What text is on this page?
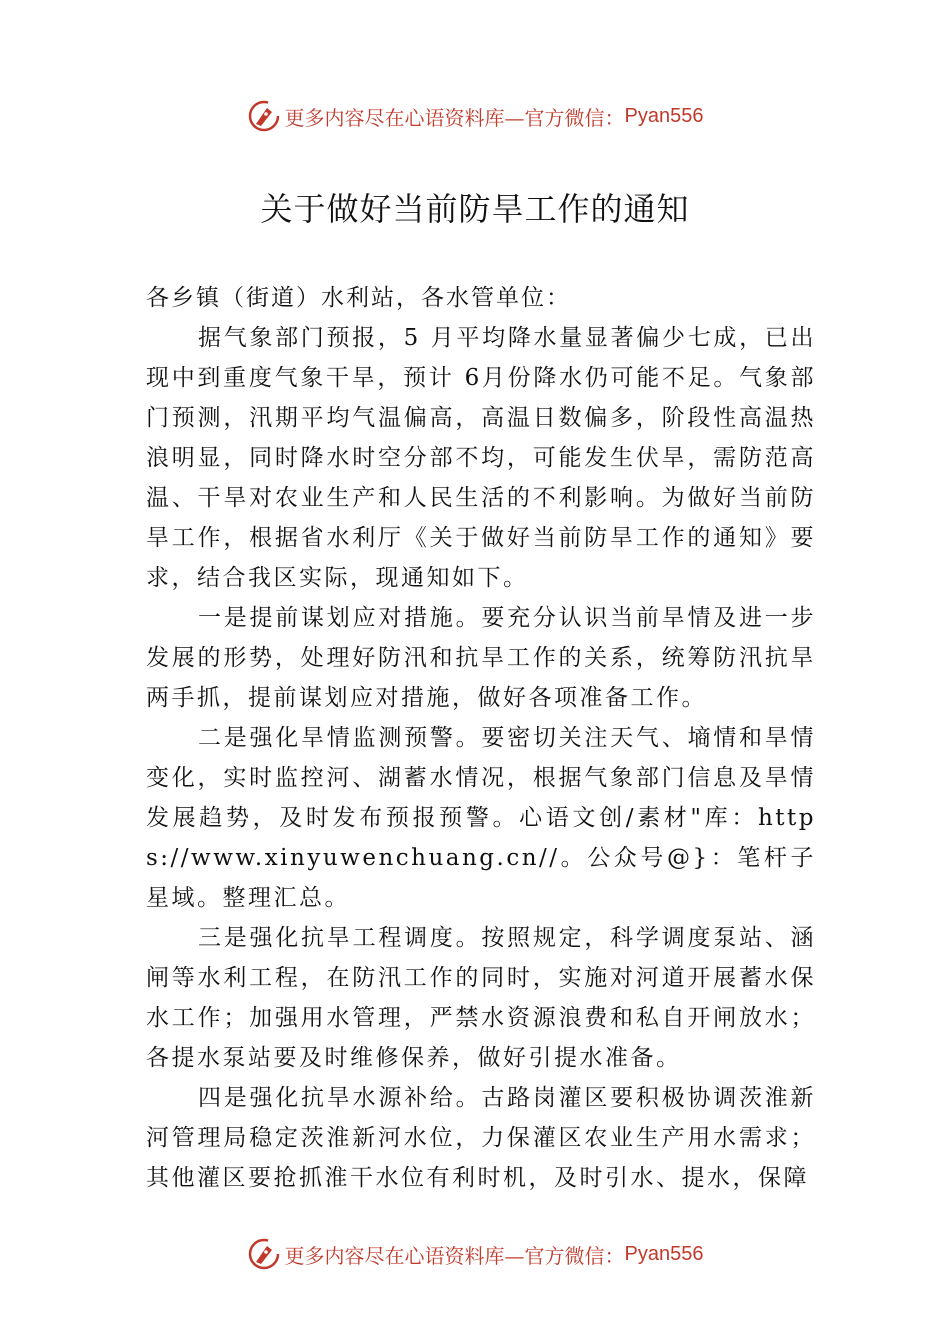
更多内容尽在心语资料库—官方微信： Pyan556
关于做好当前防旱工作的通知

各乡镇（街道）水利站，各水管单位：

据气象部门预报，5 月平均降水量显著偏少七成，已出现中到重度气象干旱，预计 6月份降水仍可能不足。气象部门预测，汛期平均气温偏高，高温日数偏多，阶段性高温热浪明显，同时降水时空分部不均，可能发生伏旱，需防范高温、干旱对农业生产和人民生活的不利影响。为做好当前防旱工作，根据省水利厅《关于做好当前防旱工作的通知》要求，结合我区实际，现通知如下。

一是提前谋划应对措施。要充分认识当前旱情及进一步发展的形势，处理好防汛和抗旱工作的关系，统筹防汛抗旱两手抓，提前谋划应对措施，做好各项准备工作。

二是强化旱情监测预警。要密切关注天气、墒情和旱情变化，实时监控河、湖蓄水情况，根据气象部门信息及旱情发展趋势，及时发布预报预警。心语文创/素材"库：https://www.xinyuwenchuang.cn//。公众号@}：笔杆子星域。整理汇总。

三是强化抗旱工程调度。按照规定，科学调度泵站、涵闸等水利工程，在防汛工作的同时，实施对河道开展蓄水保水工作；加强用水管理，严禁水资源浪费和私自开闸放水；各提水泵站要及时维修保养，做好引提水准备。

四是强化抗旱水源补给。古路岗灌区要积极协调茨淮新河管理局稳定茨淮新河水位，力保灌区农业生产用水需求；其他灌区要抢抓淮干水位有利时机，及时引水、提水，保障

更多内容尽在心语资料库—官方微信： Pyan556
